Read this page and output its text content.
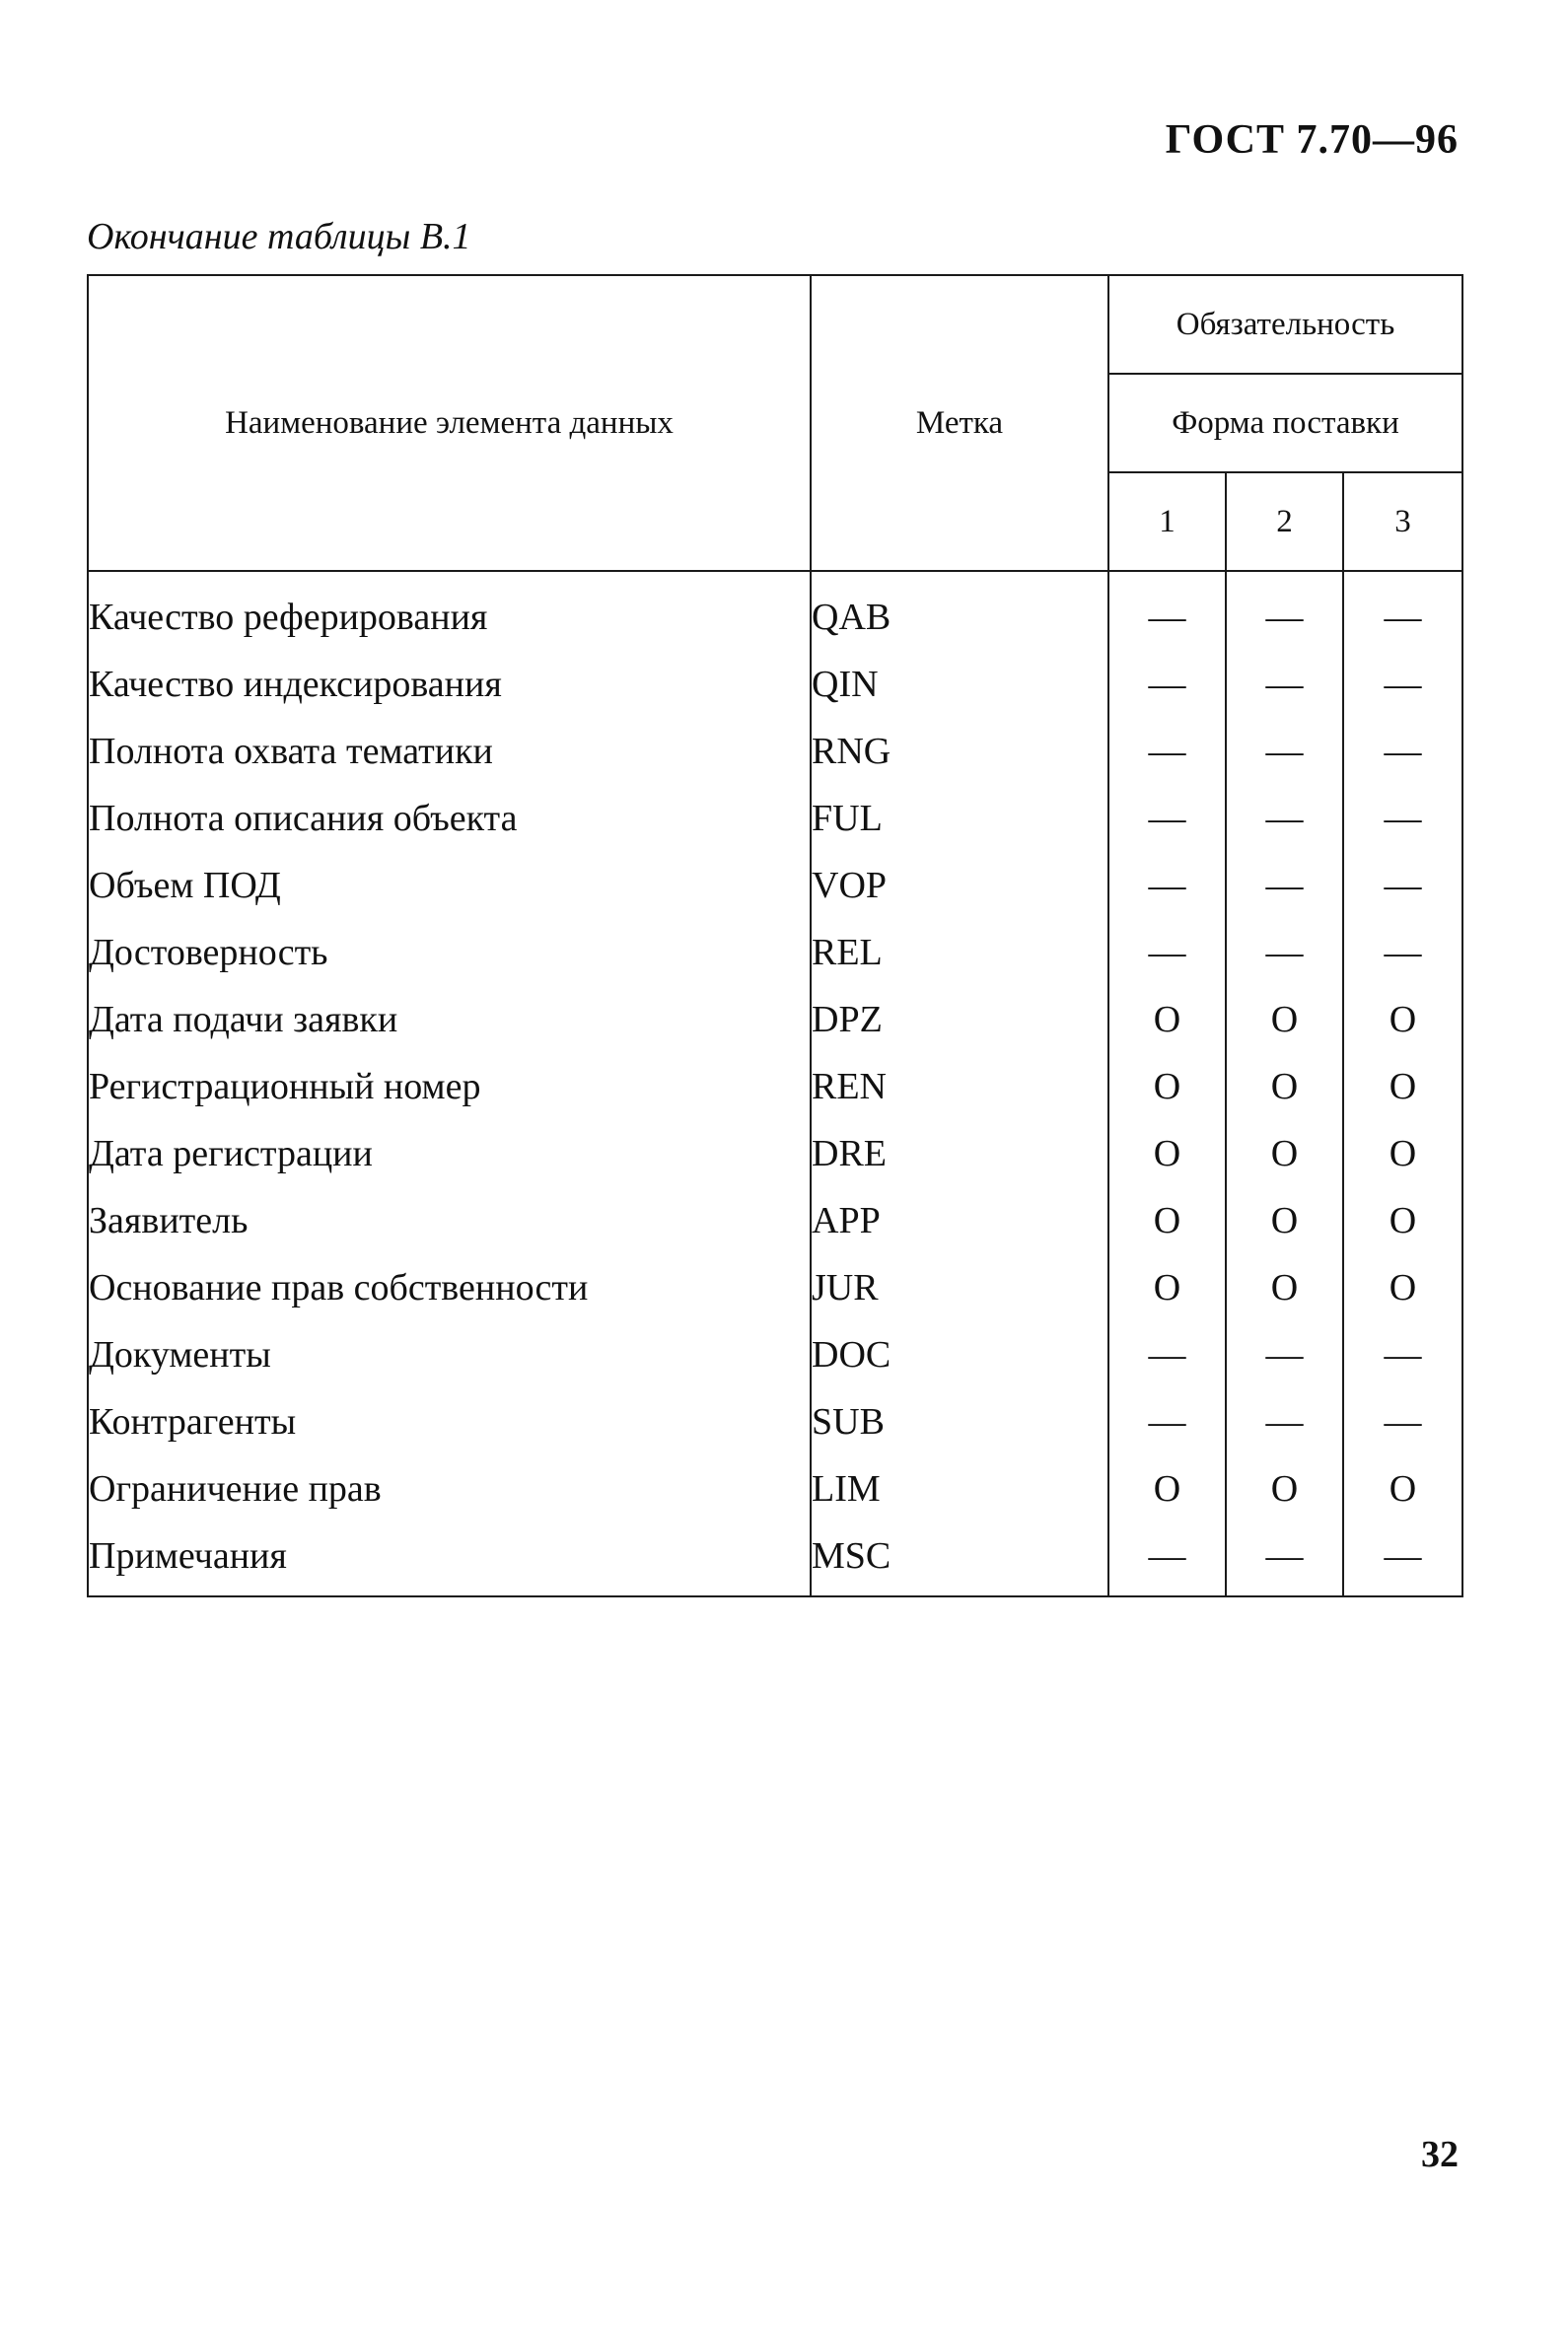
ГОСТ 7.70—96
Окончание таблицы В.1
Наименование элемента данных	Метка	Обязательность		
		Форма поставки		
		1	2	3
Качество реферирования	QAB	—	—	—
Качество индексирования	QIN	—	—	—
Полнота охвата тематики	RNG	—	—	—
Полнота описания объекта	FUL	—	—	—
Объем ПОД	VOP	—	—	—
Достоверность	REL	—	—	—
Дата подачи заявки	DPZ	О	О	О
Регистрационный номер	REN	О	О	О
Дата регистрации	DRE	О	О	О
Заявитель	APP	О	О	О
Основание прав собственности	JUR	О	О	О
Документы	DOC	—	—	—
Контрагенты	SUB	—	—	—
Ограничение прав	LIM	О	О	О
Примечания	MSC	—	—	—
32
